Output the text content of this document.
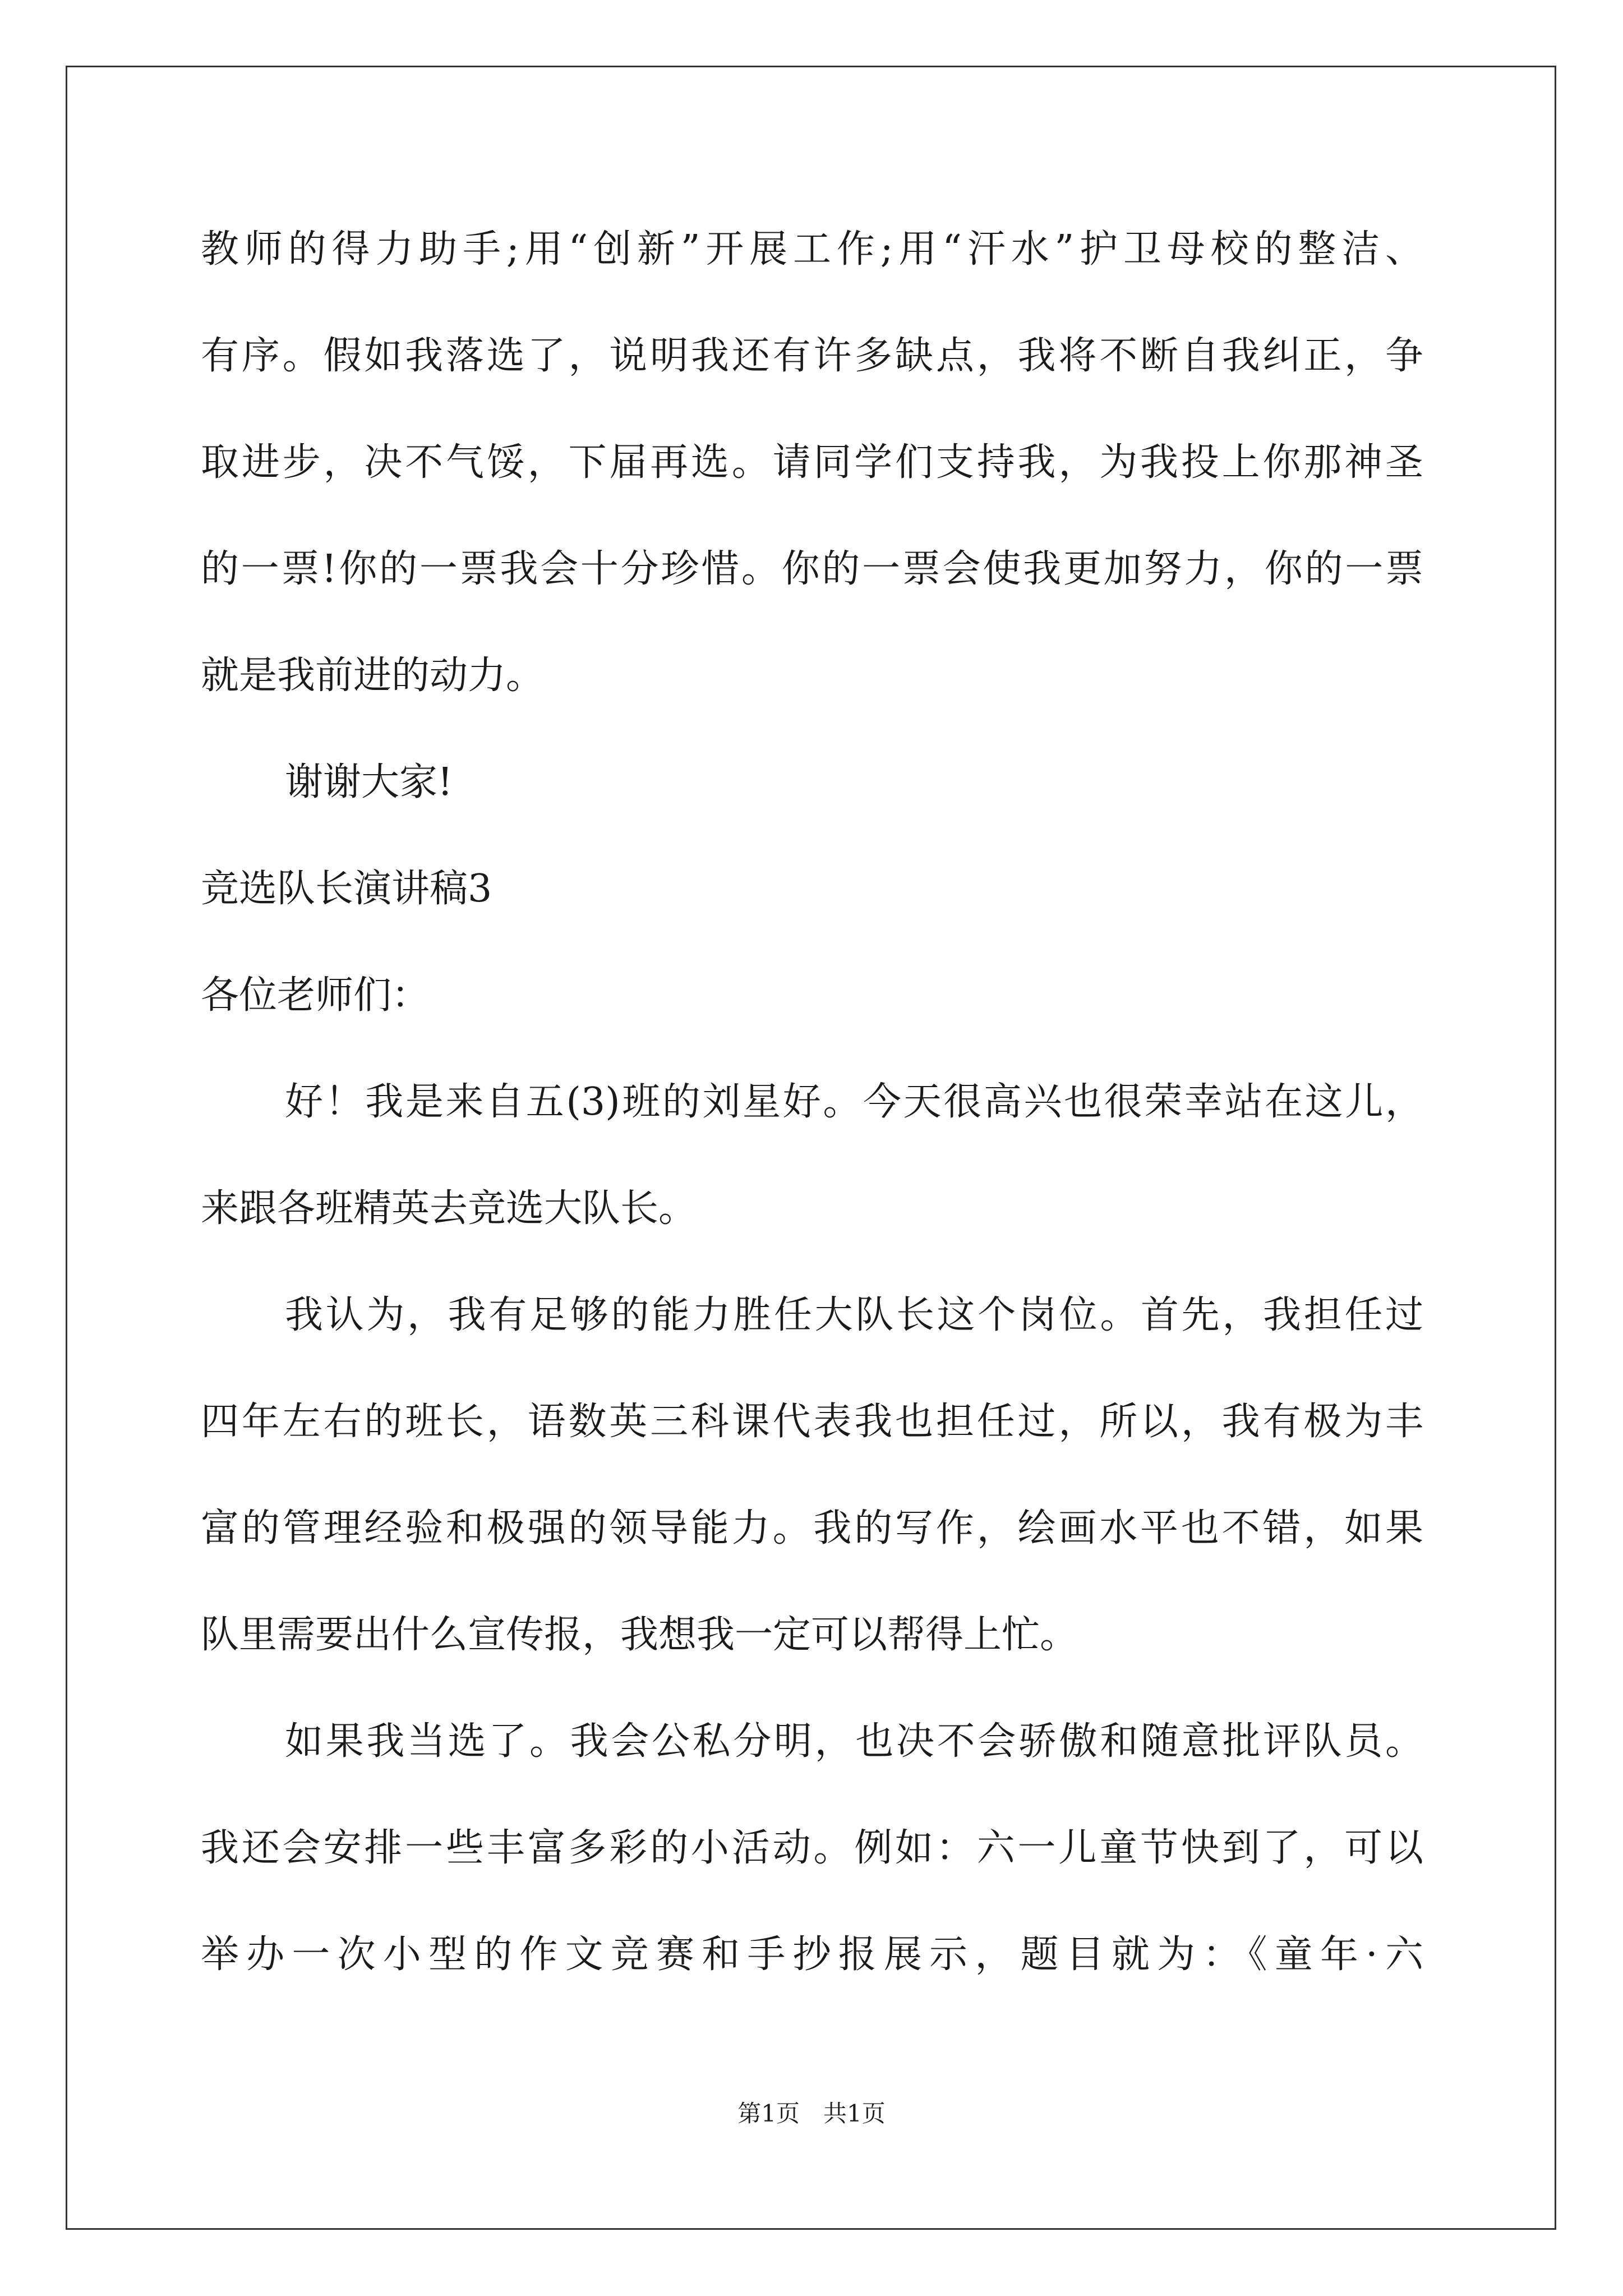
教师的得力助手;用“创新”开展工作;用“汗水”护卫母校的整洁、
有序。假如我落选了，说明我还有许多缺点，我将不断自我纠正，争
取进步，决不气馁，下届再选。请同学们支持我，为我投上你那神圣
的一票!你的一票我会十分珍惜。你的一票会使我更加努力，你的一票
就是我前进的动力。
谢谢大家!
竞选队长演讲稿3
各位老师们：
好！我是来自五(3)班的刘星好。今天很高兴也很荣幸站在这儿，
来跟各班精英去竞选大队长。
我认为，我有足够的能力胜任大队长这个岗位。首先，我担任过
四年左右的班长，语数英三科课代表我也担任过，所以，我有极为丰
富的管理经验和极强的领导能力。我的写作，绘画水平也不错，如果
队里需要出什么宣传报，我想我一定可以帮得上忙。
如果我当选了。我会公私分明，也决不会骄傲和随意批评队员。
我还会安排一些丰富多彩的小活动。例如：六一儿童节快到了，可以
举办一次小型的作文竞赛和手抄报展示，题目就为：《童年·六
第1页　共1页
